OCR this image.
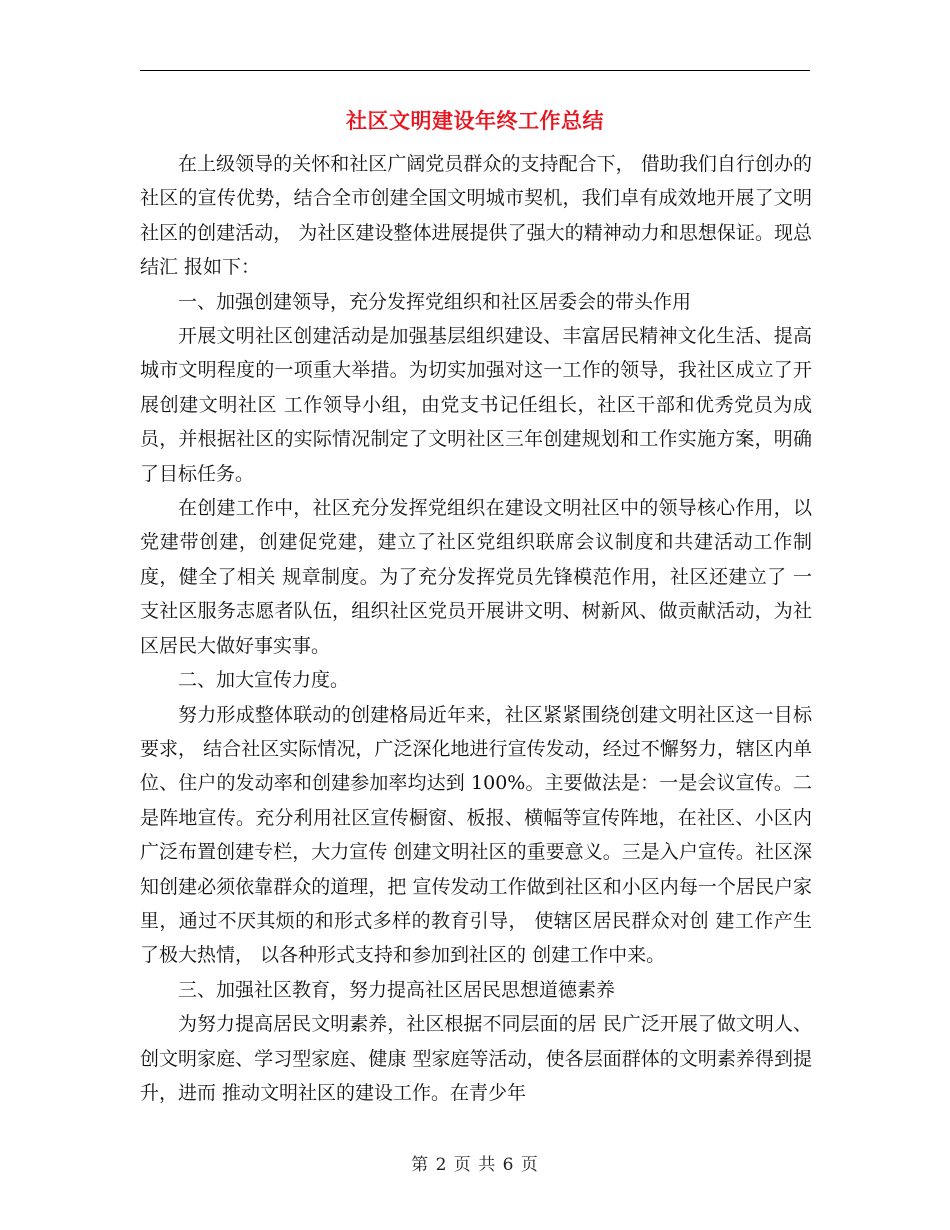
社区文明建设年终工作总结

在上级领导的关怀和社区广阔党员群众的支持配合下， 借助我们自行创办的社区的宣传优势，结合全市创建全国文明城市契机，我们卓有成效地开展了文明社区的创建活动， 为社区建设整体进展提供了强大的精神动力和思想保证。现总结汇 报如下：

一、加强创建领导，充分发挥党组织和社区居委会的带头作用

开展文明社区创建活动是加强基层组织建设、丰富居民精神文化生活、提高城市文明程度的一项重大举措。为切实加强对这一工作的领导，我社区成立了开展创建文明社区 工作领导小组，由党支书记任组长，社区干部和优秀党员为成员，并根据社区的实际情况制定了文明社区三年创建规划和工作实施方案，明确了目标任务。

在创建工作中，社区充分发挥党组织在建设文明社区中的领导核心作用，以党建带创建，创建促党建，建立了社区党组织联席会议制度和共建活动工作制度，健全了相关 规章制度。为了充分发挥党员先锋模范作用，社区还建立了 一支社区服务志愿者队伍，组织社区党员开展讲文明、树新风、做贡献活动，为社区居民大做好事实事。

二、加大宣传力度。

努力形成整体联动的创建格局近年来，社区紧紧围绕创建文明社区这一目标要求， 结合社区实际情况，广泛深化地进行宣传发动，经过不懈努力，辖区内单位、住户的发动率和创建参加率均达到 100%。主要做法是：一是会议宣传。二是阵地宣传。充分利用社区宣传橱窗、板报、横幅等宣传阵地，在社区、小区内广泛布置创建专栏，大力宣传 创建文明社区的重要意义。三是入户宣传。社区深知创建必须依靠群众的道理，把 宣传发动工作做到社区和小区内每一个居民户家里，通过不厌其烦的和形式多样的教育引导， 使辖区居民群众对创 建工作产生了极大热情， 以各种形式支持和参加到社区的 创建工作中来。

三、加强社区教育，努力提高社区居民思想道德素养

为努力提高居民文明素养，社区根据不同层面的居 民广泛开展了做文明人、创文明家庭、学习型家庭、健康 型家庭等活动，使各层面群体的文明素养得到提升，进而 推动文明社区的建设工作。在青少年

第 2 页 共 6 页
